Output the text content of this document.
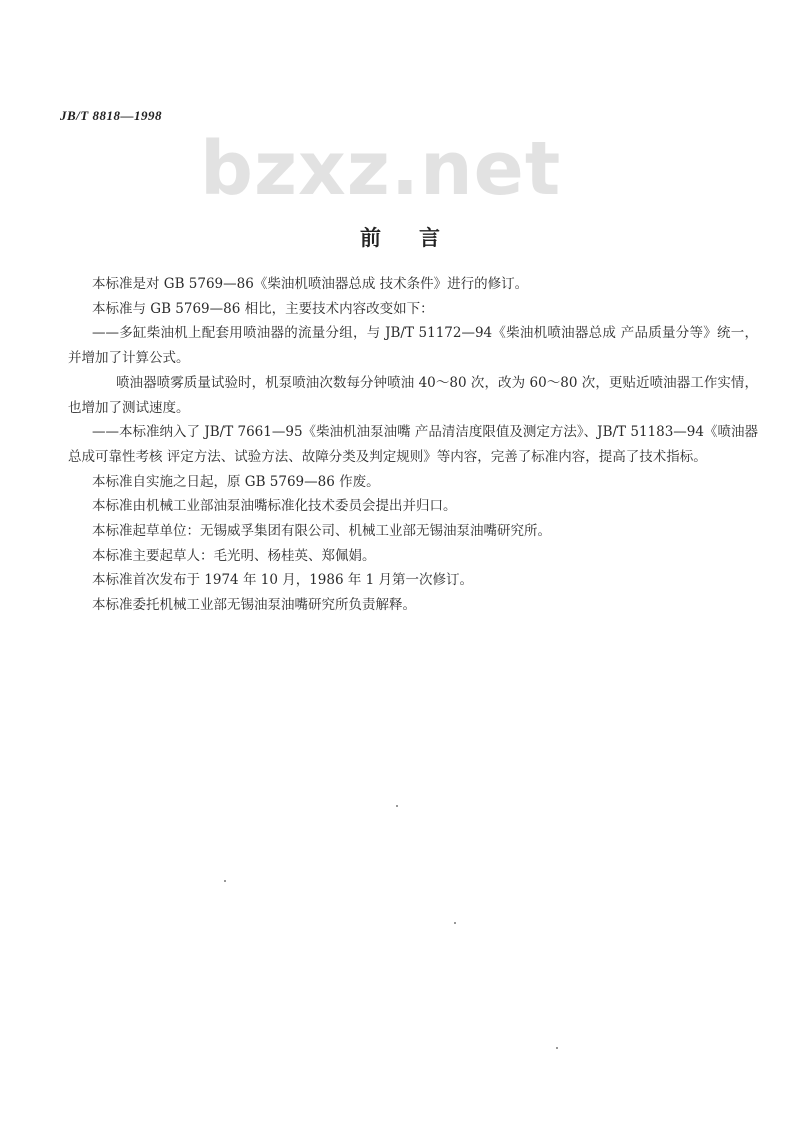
JB/T 8818—1998
bzxz.net
前言

本标准是对 GB 5769—86《柴油机喷油器总成 技术条件》进行的修订。

本标准与 GB 5769—86 相比，主要技术内容改变如下：

——多缸柴油机上配套用喷油器的流量分组，与 JB/T 51172—94《柴油机喷油器总成 产品质量分等》统一，并增加了计算公式。

喷油器喷雾质量试验时，机泵喷油次数每分钟喷油 40～80 次，改为 60～80 次，更贴近喷油器工作实情，也增加了测试速度。

——本标准纳入了 JB/T 7661—95《柴油机油泵油嘴 产品清洁度限值及测定方法》、JB/T 51183—94《喷油器总成可靠性考核 评定方法、试验方法、故障分类及判定规则》等内容，完善了标准内容，提高了技术指标。

本标准自实施之日起，原 GB 5769—86 作废。

本标准由机械工业部油泵油嘴标准化技术委员会提出并归口。

本标准起草单位：无锡威孚集团有限公司、机械工业部无锡油泵油嘴研究所。

本标准主要起草人：毛光明、杨桂英、郑佩娟。

本标准首次发布于 1974 年 10 月，1986 年 1 月第一次修订。

本标准委托机械工业部无锡油泵油嘴研究所负责解释。
